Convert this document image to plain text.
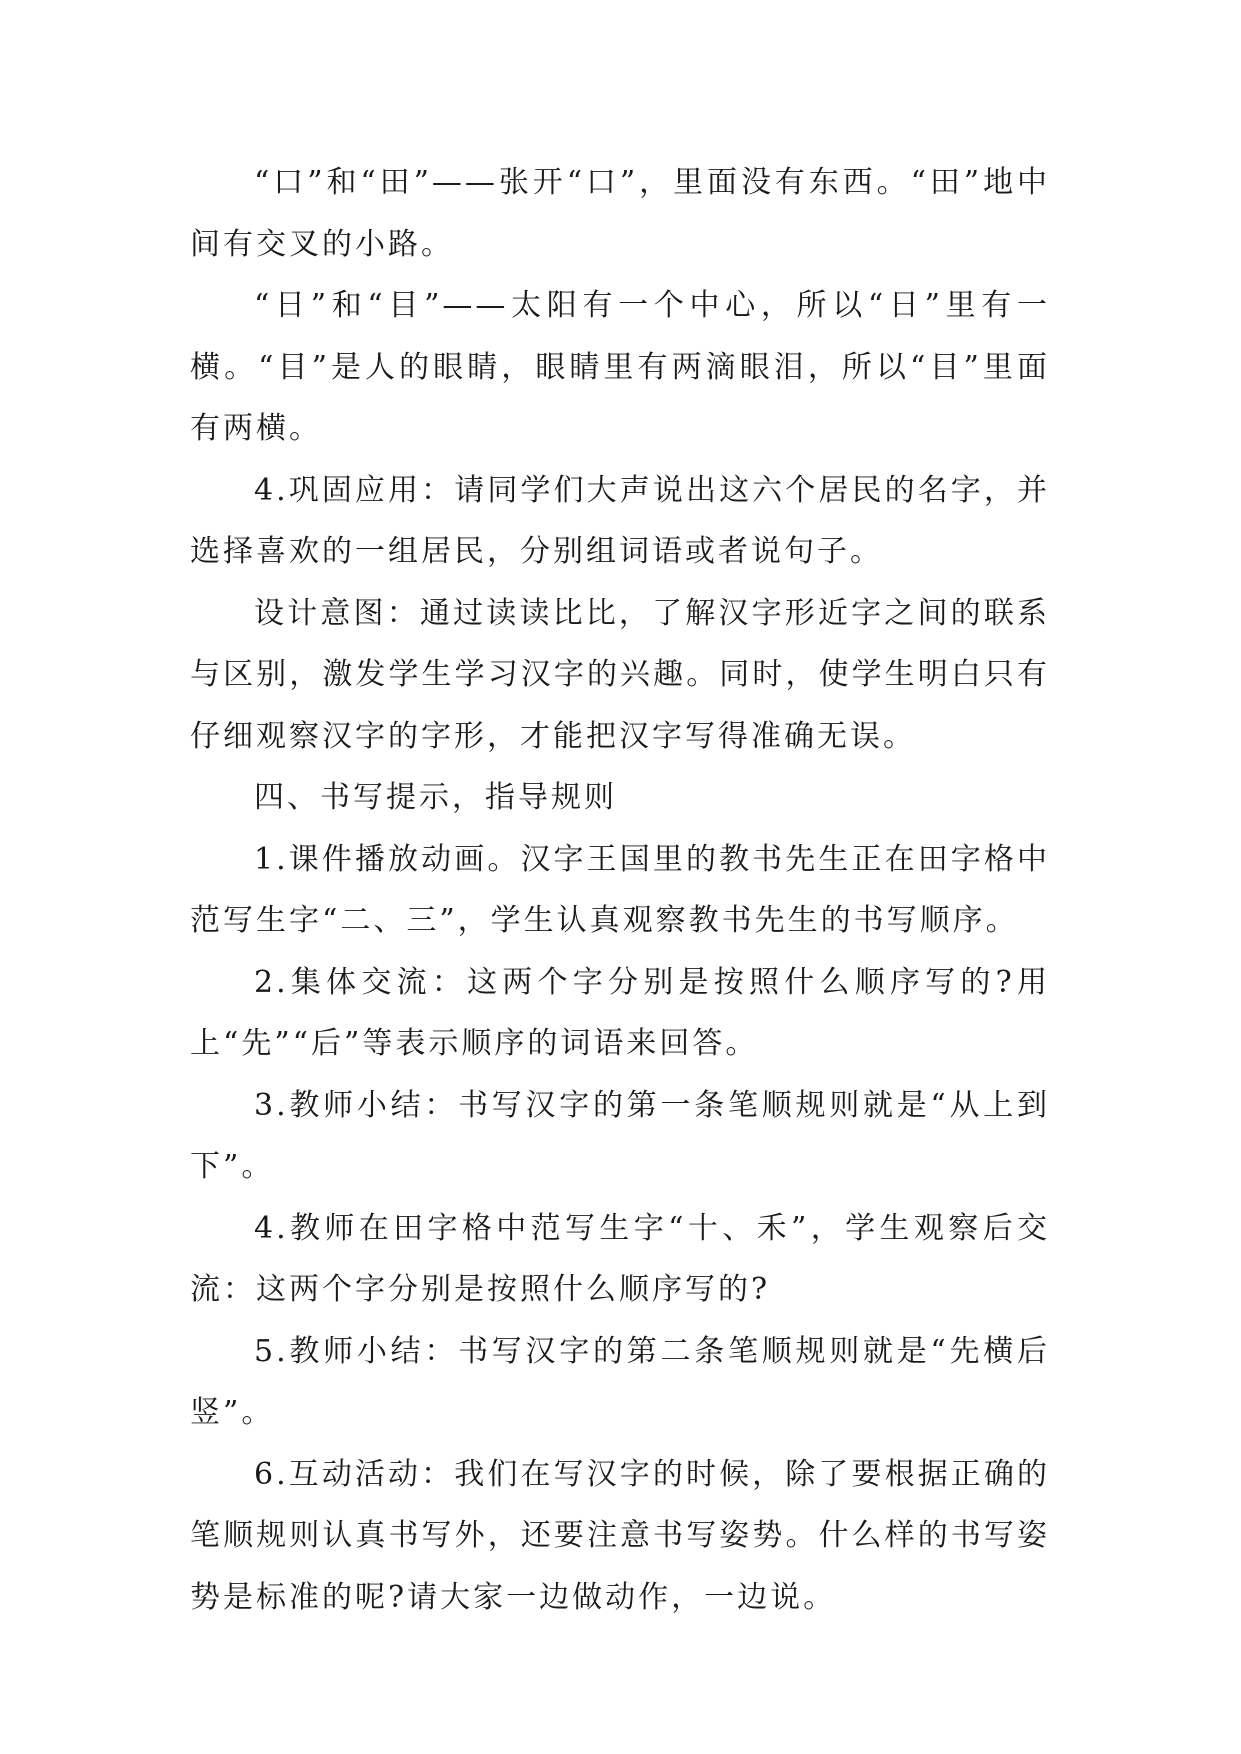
“口”和“田”——张开“口”，里面没有东西。“田”地中间有交叉的小路。

“日”和“目”——太阳有一个中心，所以“日”里有一横。“目”是人的眼睛，眼睛里有两滴眼泪，所以“目”里面有两横。

4.巩固应用：请同学们大声说出这六个居民的名字，并选择喜欢的一组居民，分别组词语或者说句子。

设计意图：通过读读比比，了解汉字形近字之间的联系与区别，激发学生学习汉字的兴趣。同时，使学生明白只有仔细观察汉字的字形，才能把汉字写得准确无误。

四、书写提示，指导规则

1.课件播放动画。汉字王国里的教书先生正在田字格中范写生字“二、三”，学生认真观察教书先生的书写顺序。

2.集体交流：这两个字分别是按照什么顺序写的?用上“先”“后”等表示顺序的词语来回答。

3.教师小结：书写汉字的第一条笔顺规则就是“从上到下”。

4.教师在田字格中范写生字“十、禾”，学生观察后交流：这两个字分别是按照什么顺序写的?

5.教师小结：书写汉字的第二条笔顺规则就是“先横后竖”。

6.互动活动：我们在写汉字的时候，除了要根据正确的笔顺规则认真书写外，还要注意书写姿势。什么样的书写姿势是标准的呢?请大家一边做动作，一边说。
